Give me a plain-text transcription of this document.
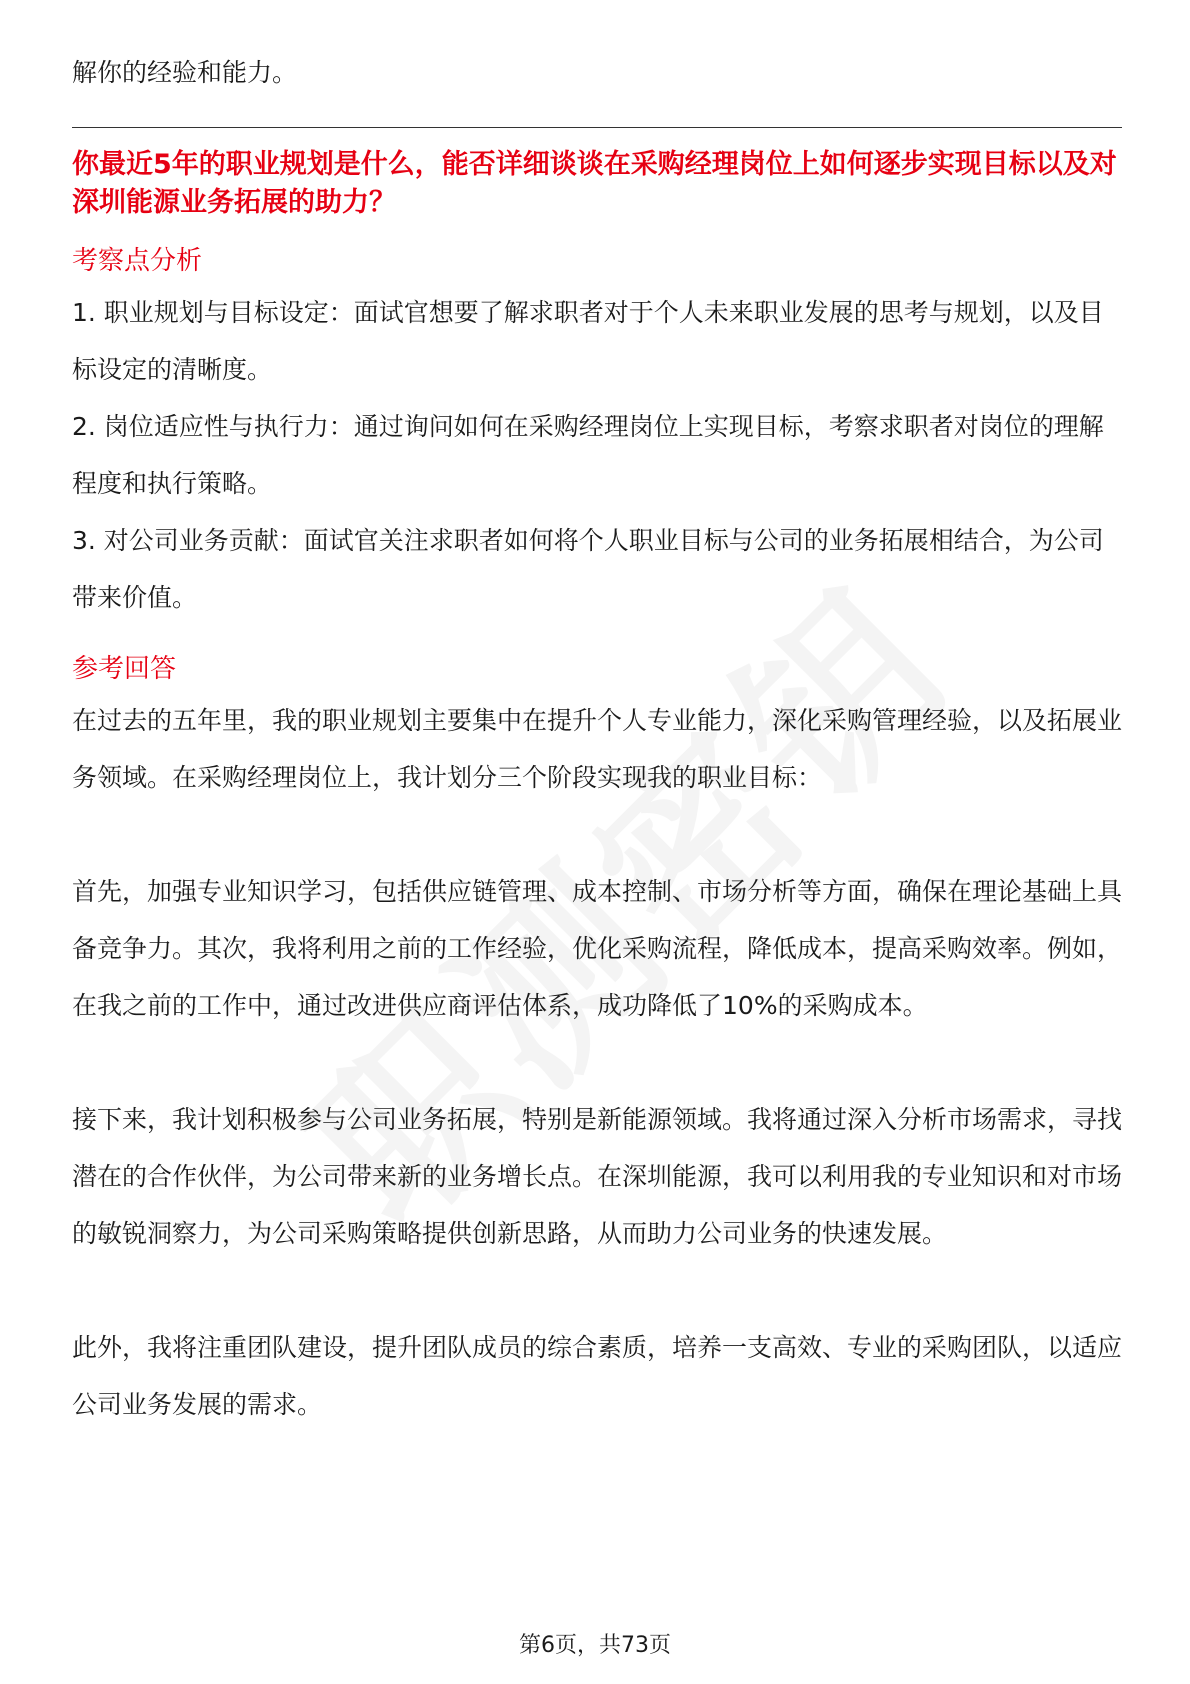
解你的经验和能力。

你最近5年的职业规划是什么，能否详细谈谈在采购经理岗位上如何逐步实现目标以及对深圳能源业务拓展的助力？

考察点分析

1. 职业规划与目标设定：面试官想要了解求职者对于个人未来职业发展的思考与规划，以及目标设定的清晰度。

2. 岗位适应性与执行力：通过询问如何在采购经理岗位上实现目标，考察求职者对岗位的理解程度和执行策略。

3. 对公司业务贡献：面试官关注求职者如何将个人职业目标与公司的业务拓展相结合，为公司带来价值。

参考回答

在过去的五年里，我的职业规划主要集中在提升个人专业能力，深化采购管理经验，以及拓展业务领域。在采购经理岗位上，我计划分三个阶段实现我的职业目标：

首先，加强专业知识学习，包括供应链管理、成本控制、市场分析等方面，确保在理论基础上具备竞争力。其次，我将利用之前的工作经验，优化采购流程，降低成本，提高采购效率。例如，在我之前的工作中，通过改进供应商评估体系，成功降低了10%的采购成本。

接下来，我计划积极参与公司业务拓展，特别是新能源领域。我将通过深入分析市场需求，寻找潜在的合作伙伴，为公司带来新的业务增长点。在深圳能源，我可以利用我的专业知识和对市场的敏锐洞察力，为公司采购策略提供创新思路，从而助力公司业务的快速发展。

此外，我将注重团队建设，提升团队成员的综合素质，培养一支高效、专业的采购团队，以适应公司业务发展的需求。

第6页，共73页
